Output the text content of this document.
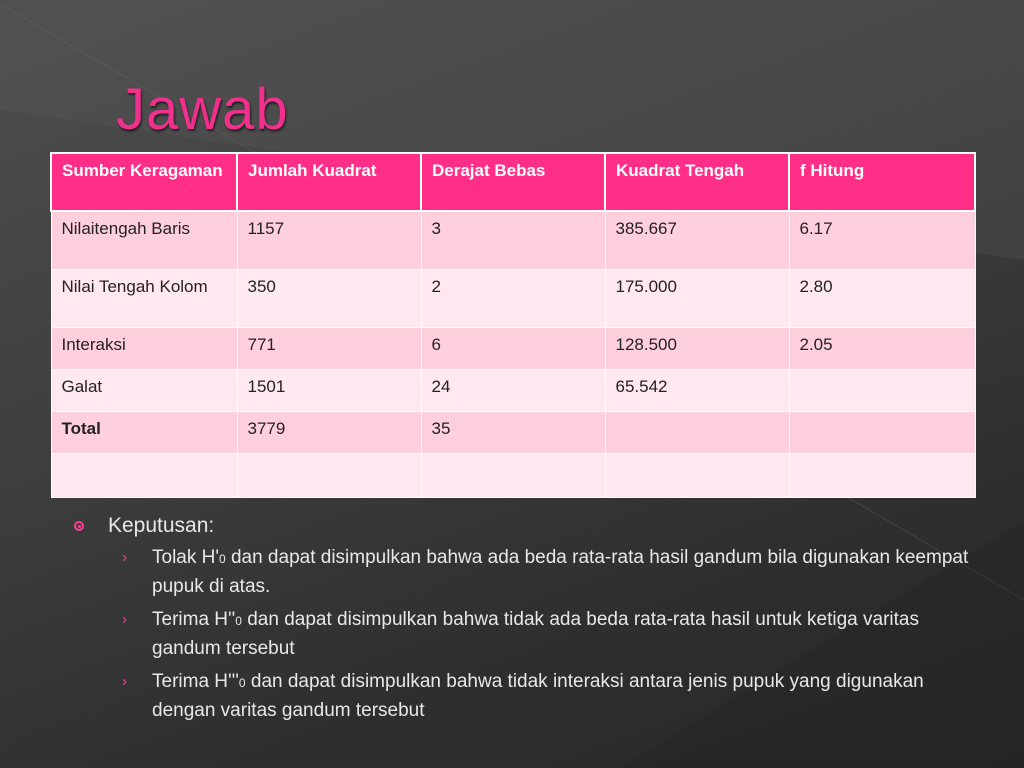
Jawab
Sumber Keragaman	Jumlah Kuadrat	Derajat Bebas	Kuadrat Tengah	f Hitung
Nilaitengah Baris	1157	3	385.667	6.17
Nilai Tengah Kolom	350	2	175.000	2.80
Interaksi	771	6	128.500	2.05
Galat	1501	24	65.542	
Total	3779	35		

Keputusan:
›	Tolak H'0 dan dapat disimpulkan bahwa ada beda rata-rata hasil gandum bila digunakan keempat pupuk di atas.
›	Terima H''0 dan dapat disimpulkan bahwa tidak ada beda rata-rata hasil untuk ketiga varitas gandum tersebut
›	Terima H'''0 dan dapat disimpulkan bahwa tidak interaksi antara jenis pupuk yang digunakan dengan varitas gandum tersebut
